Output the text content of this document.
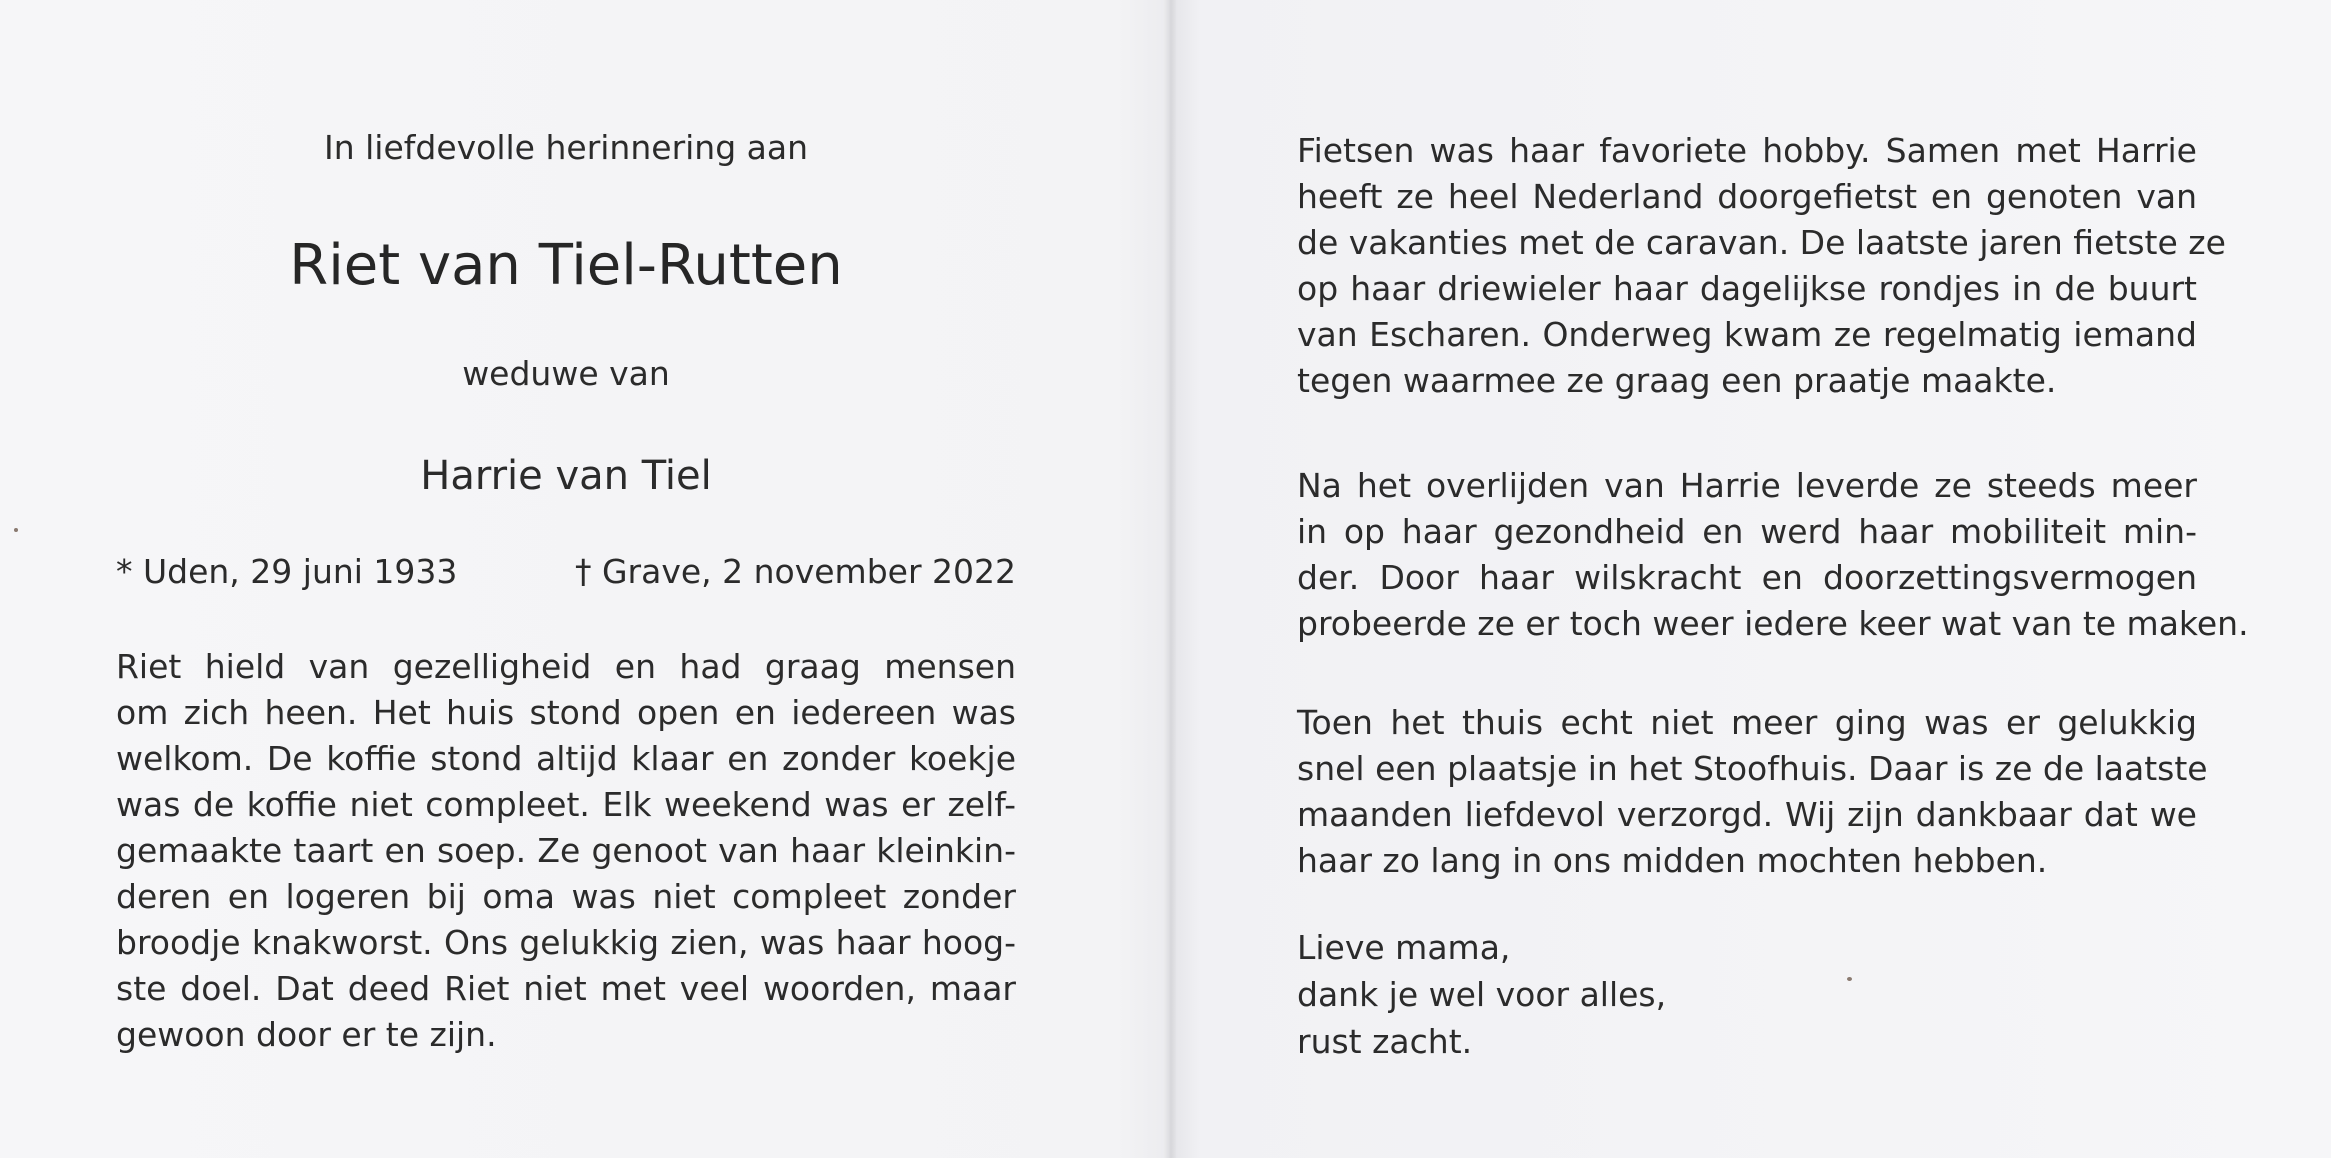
In liefdevolle herinnering aan
Riet van Tiel-Rutten
weduwe van
Harrie van Tiel
* Uden, 29 juni 1933	† Grave, 2 november 2022
Riet hield van gezelligheid en had graag mensen
om zich heen. Het huis stond open en iedereen was
welkom. De koffie stond altijd klaar en zonder koekje
was de koffie niet compleet. Elk weekend was er zelf-
gemaakte taart en soep. Ze genoot van haar kleinkin-
deren en logeren bij oma was niet compleet zonder
broodje knakworst. Ons gelukkig zien, was haar hoog-
ste doel. Dat deed Riet niet met veel woorden, maar
gewoon door er te zijn.
Fietsen was haar favoriete hobby. Samen met Harrie
heeft ze heel Nederland doorgefietst en genoten van
de vakanties met de caravan. De laatste jaren fietste ze
op haar driewieler haar dagelijkse rondjes in de buurt
van Escharen. Onderweg kwam ze regelmatig iemand
tegen waarmee ze graag een praatje maakte.
Na het overlijden van Harrie leverde ze steeds meer
in op haar gezondheid en werd haar mobiliteit min-
der. Door haar wilskracht en doorzettingsvermogen
probeerde ze er toch weer iedere keer wat van te maken.
Toen het thuis echt niet meer ging was er gelukkig
snel een plaatsje in het Stoofhuis. Daar is ze de laatste
maanden liefdevol verzorgd. Wij zijn dankbaar dat we
haar zo lang in ons midden mochten hebben.
Lieve mama,
dank je wel voor alles,
rust zacht.
